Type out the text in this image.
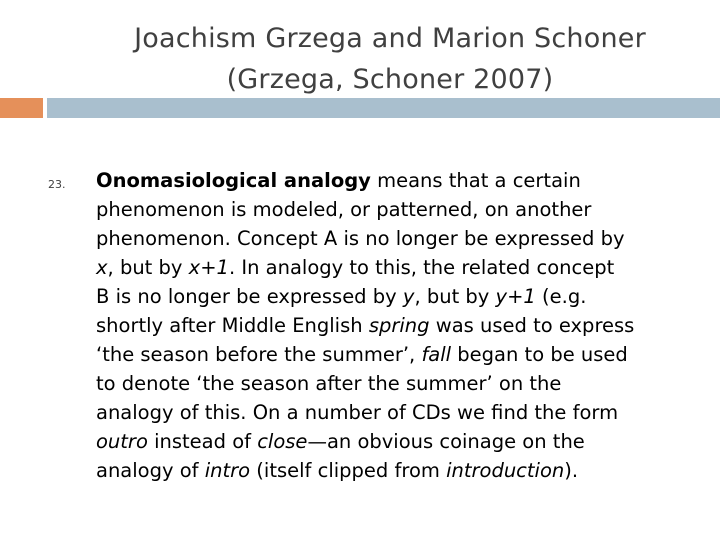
Joachism Grzega and Marion Schoner
(Grzega, Schoner 2007)
23. Onomasiological analogy means that a certain
phenomenon is modeled, or patterned, on another
phenomenon. Concept A is no longer be expressed by
x, but by x+1. In analogy to this, the related concept
B is no longer be expressed by y, but by y+1 (e.g.
shortly after Middle English spring was used to express
‘the season before the summer’, fall began to be used
to denote ‘the season after the summer’ on the
analogy of this. On a number of CDs we find the form
outro instead of close—an obvious coinage on the
analogy of intro (itself clipped from introduction).
